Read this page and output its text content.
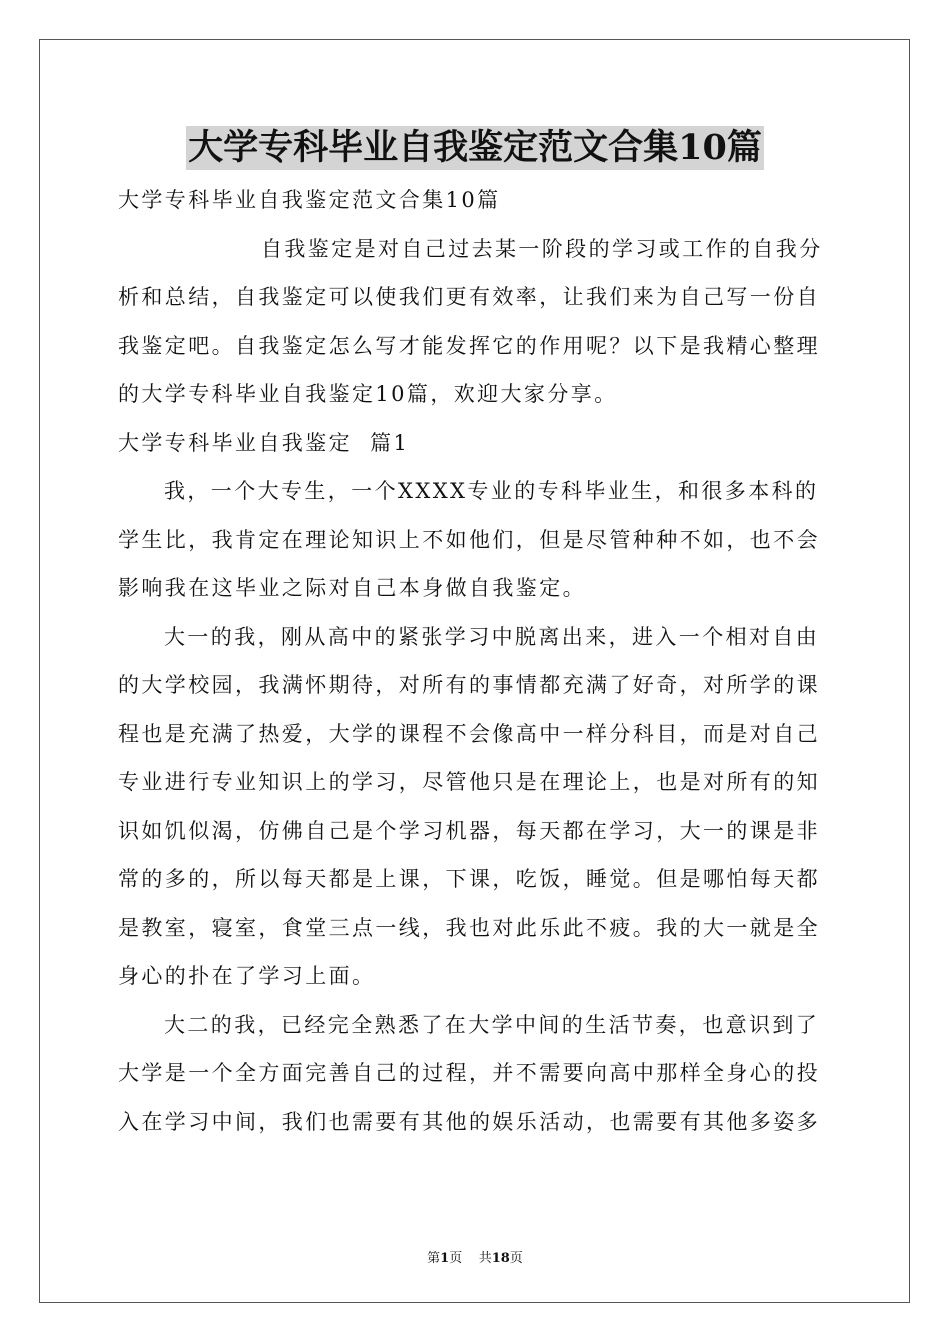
大学专科毕业自我鉴定范文合集10篇
大学专科毕业自我鉴定范文合集10篇
自我鉴定是对自己过去某一阶段的学习或工作的自我分
析和总结，自我鉴定可以使我们更有效率，让我们来为自己写一份自
我鉴定吧。自我鉴定怎么写才能发挥它的作用呢？以下是我精心整理
的大学专科毕业自我鉴定10篇，欢迎大家分享。
大学专科毕业自我鉴定  篇1
我，一个大专生，一个XXXX专业的专科毕业生，和很多本科的
学生比，我肯定在理论知识上不如他们，但是尽管种种不如，也不会
影响我在这毕业之际对自己本身做自我鉴定。
大一的我，刚从高中的紧张学习中脱离出来，进入一个相对自由
的大学校园，我满怀期待，对所有的事情都充满了好奇，对所学的课
程也是充满了热爱，大学的课程不会像高中一样分科目，而是对自己
专业进行专业知识上的学习，尽管他只是在理论上，也是对所有的知
识如饥似渴，仿佛自己是个学习机器，每天都在学习，大一的课是非
常的多的，所以每天都是上课，下课，吃饭，睡觉。但是哪怕每天都
是教室，寝室，食堂三点一线，我也对此乐此不疲。我的大一就是全
身心的扑在了学习上面。
大二的我，已经完全熟悉了在大学中间的生活节奏，也意识到了
大学是一个全方面完善自己的过程，并不需要向高中那样全身心的投
入在学习中间，我们也需要有其他的娱乐活动，也需要有其他多姿多
第1页    共18页
